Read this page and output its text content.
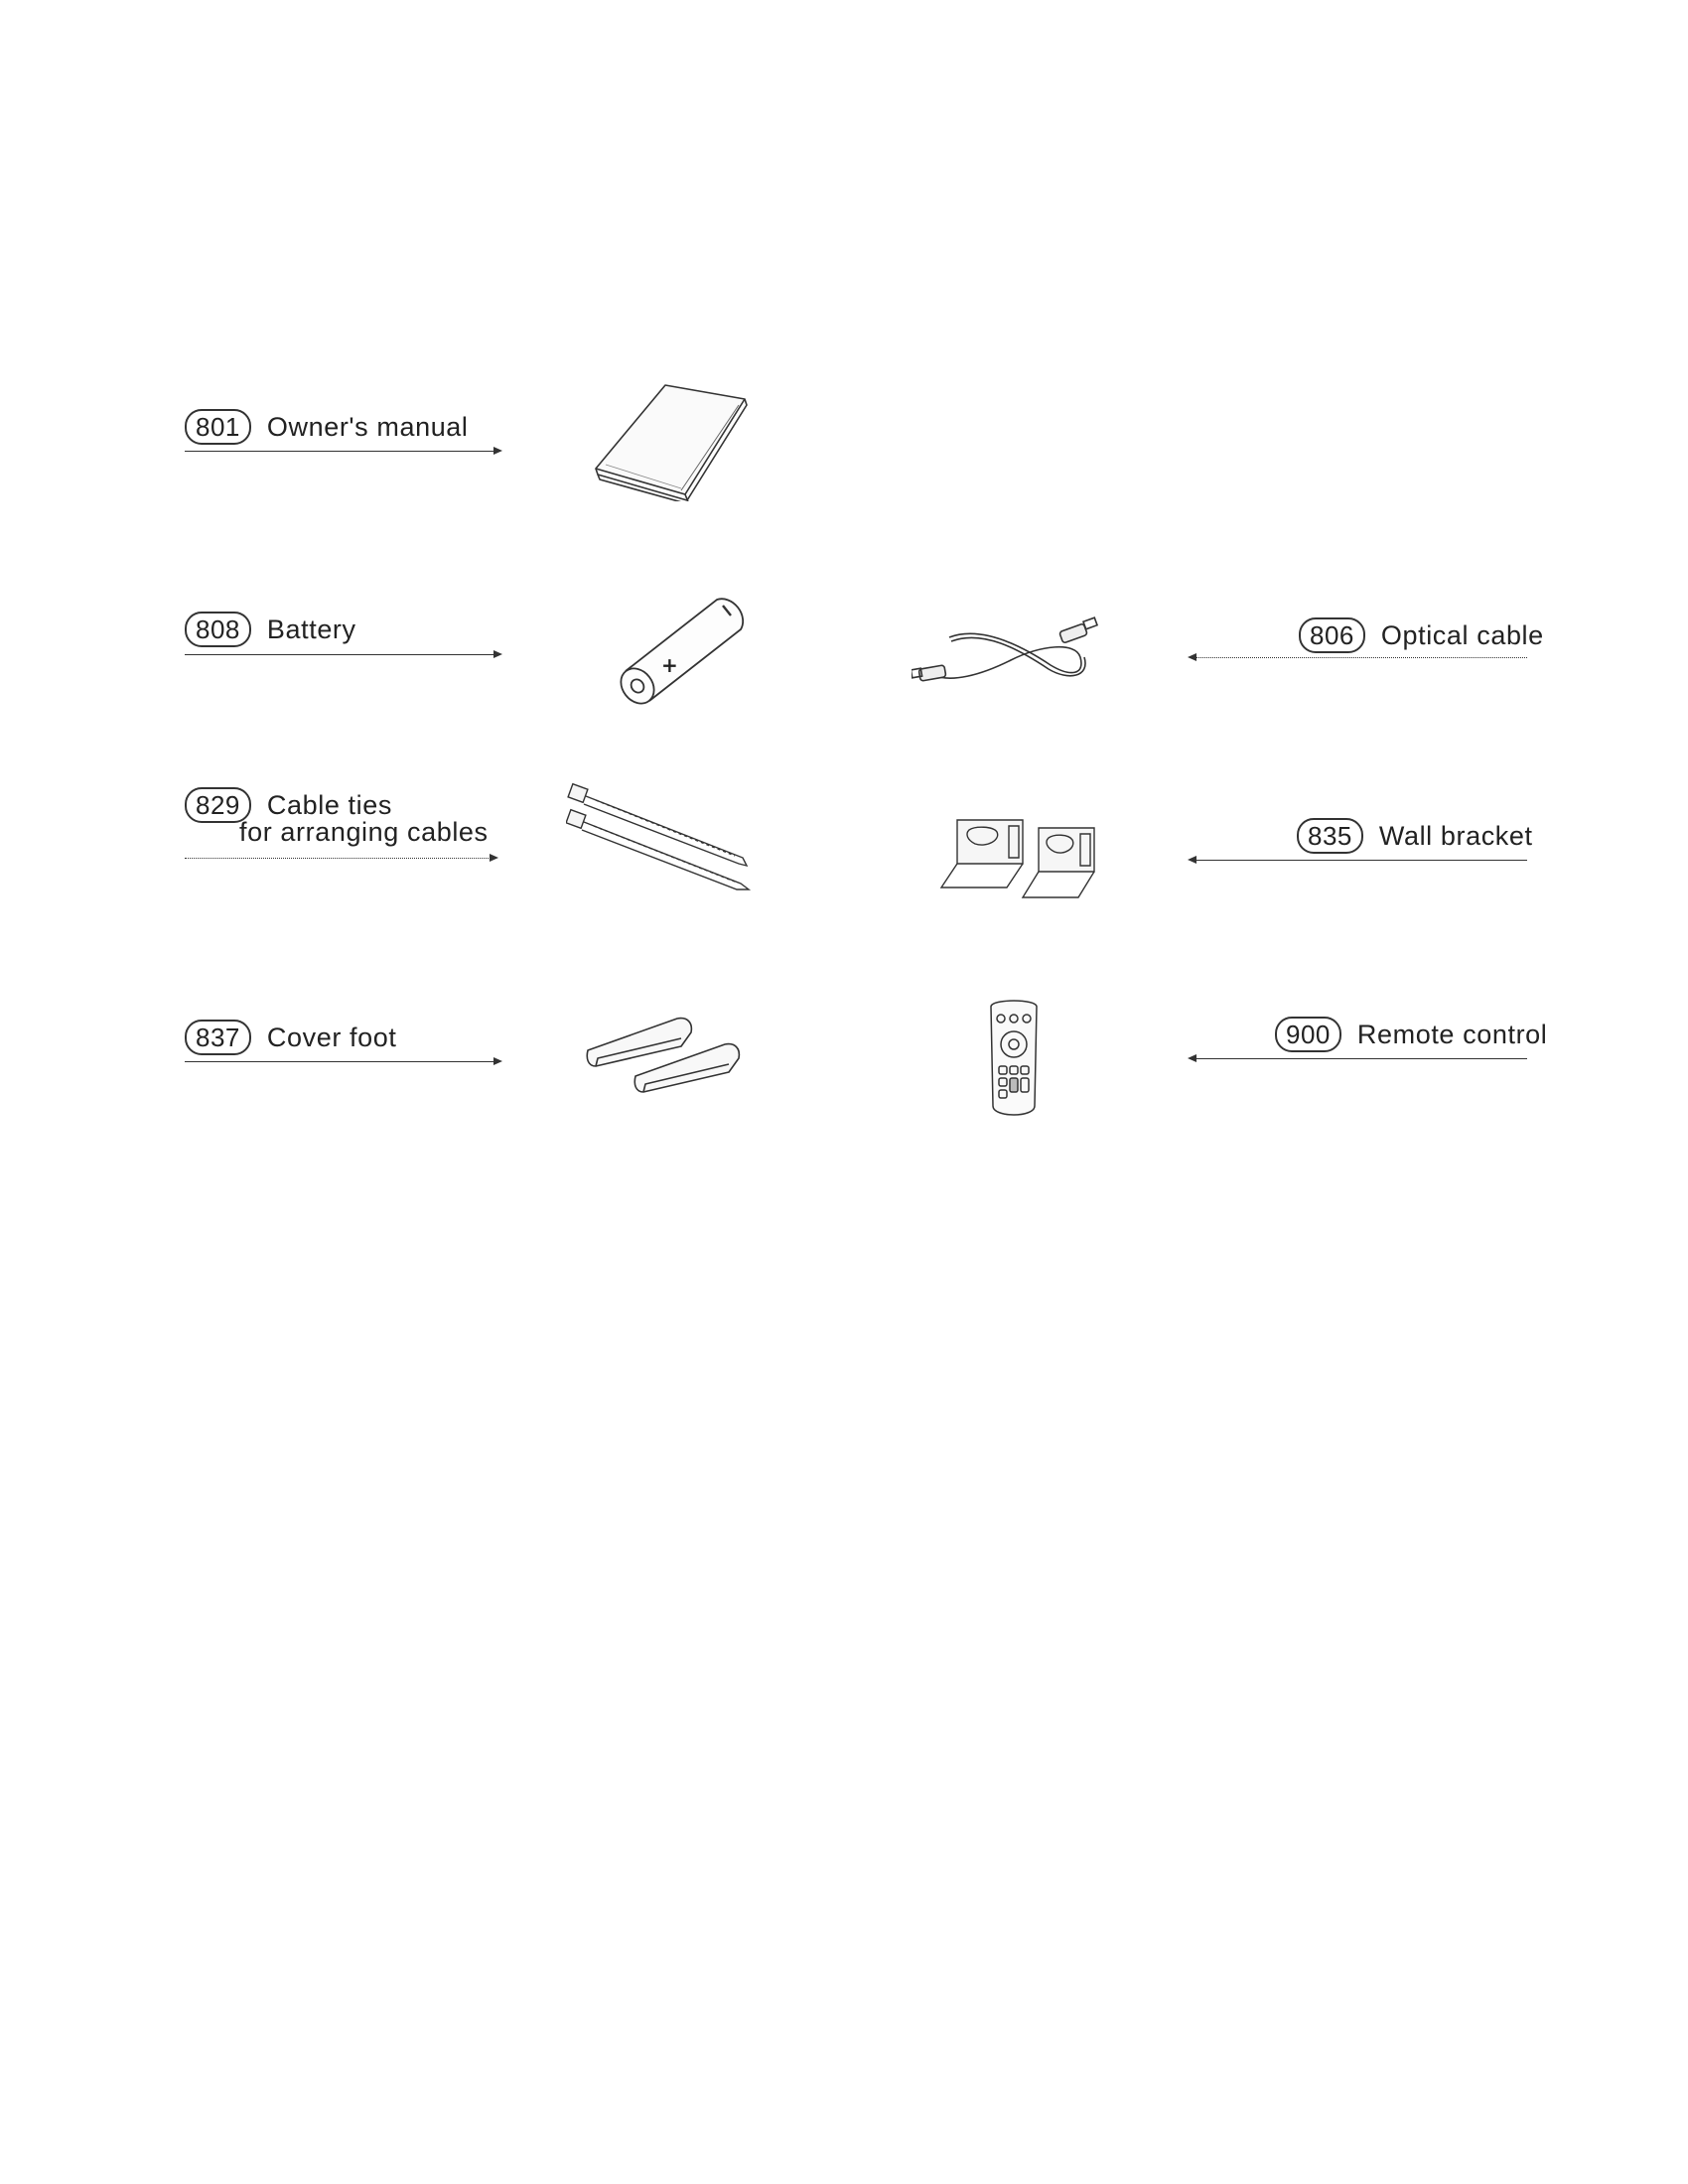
801	Owner's manual
808	Battery
+
806	Optical cable
829	Cable ties
for arranging cables	835	Wall bracket
837	Cover foot	900	Remote control
